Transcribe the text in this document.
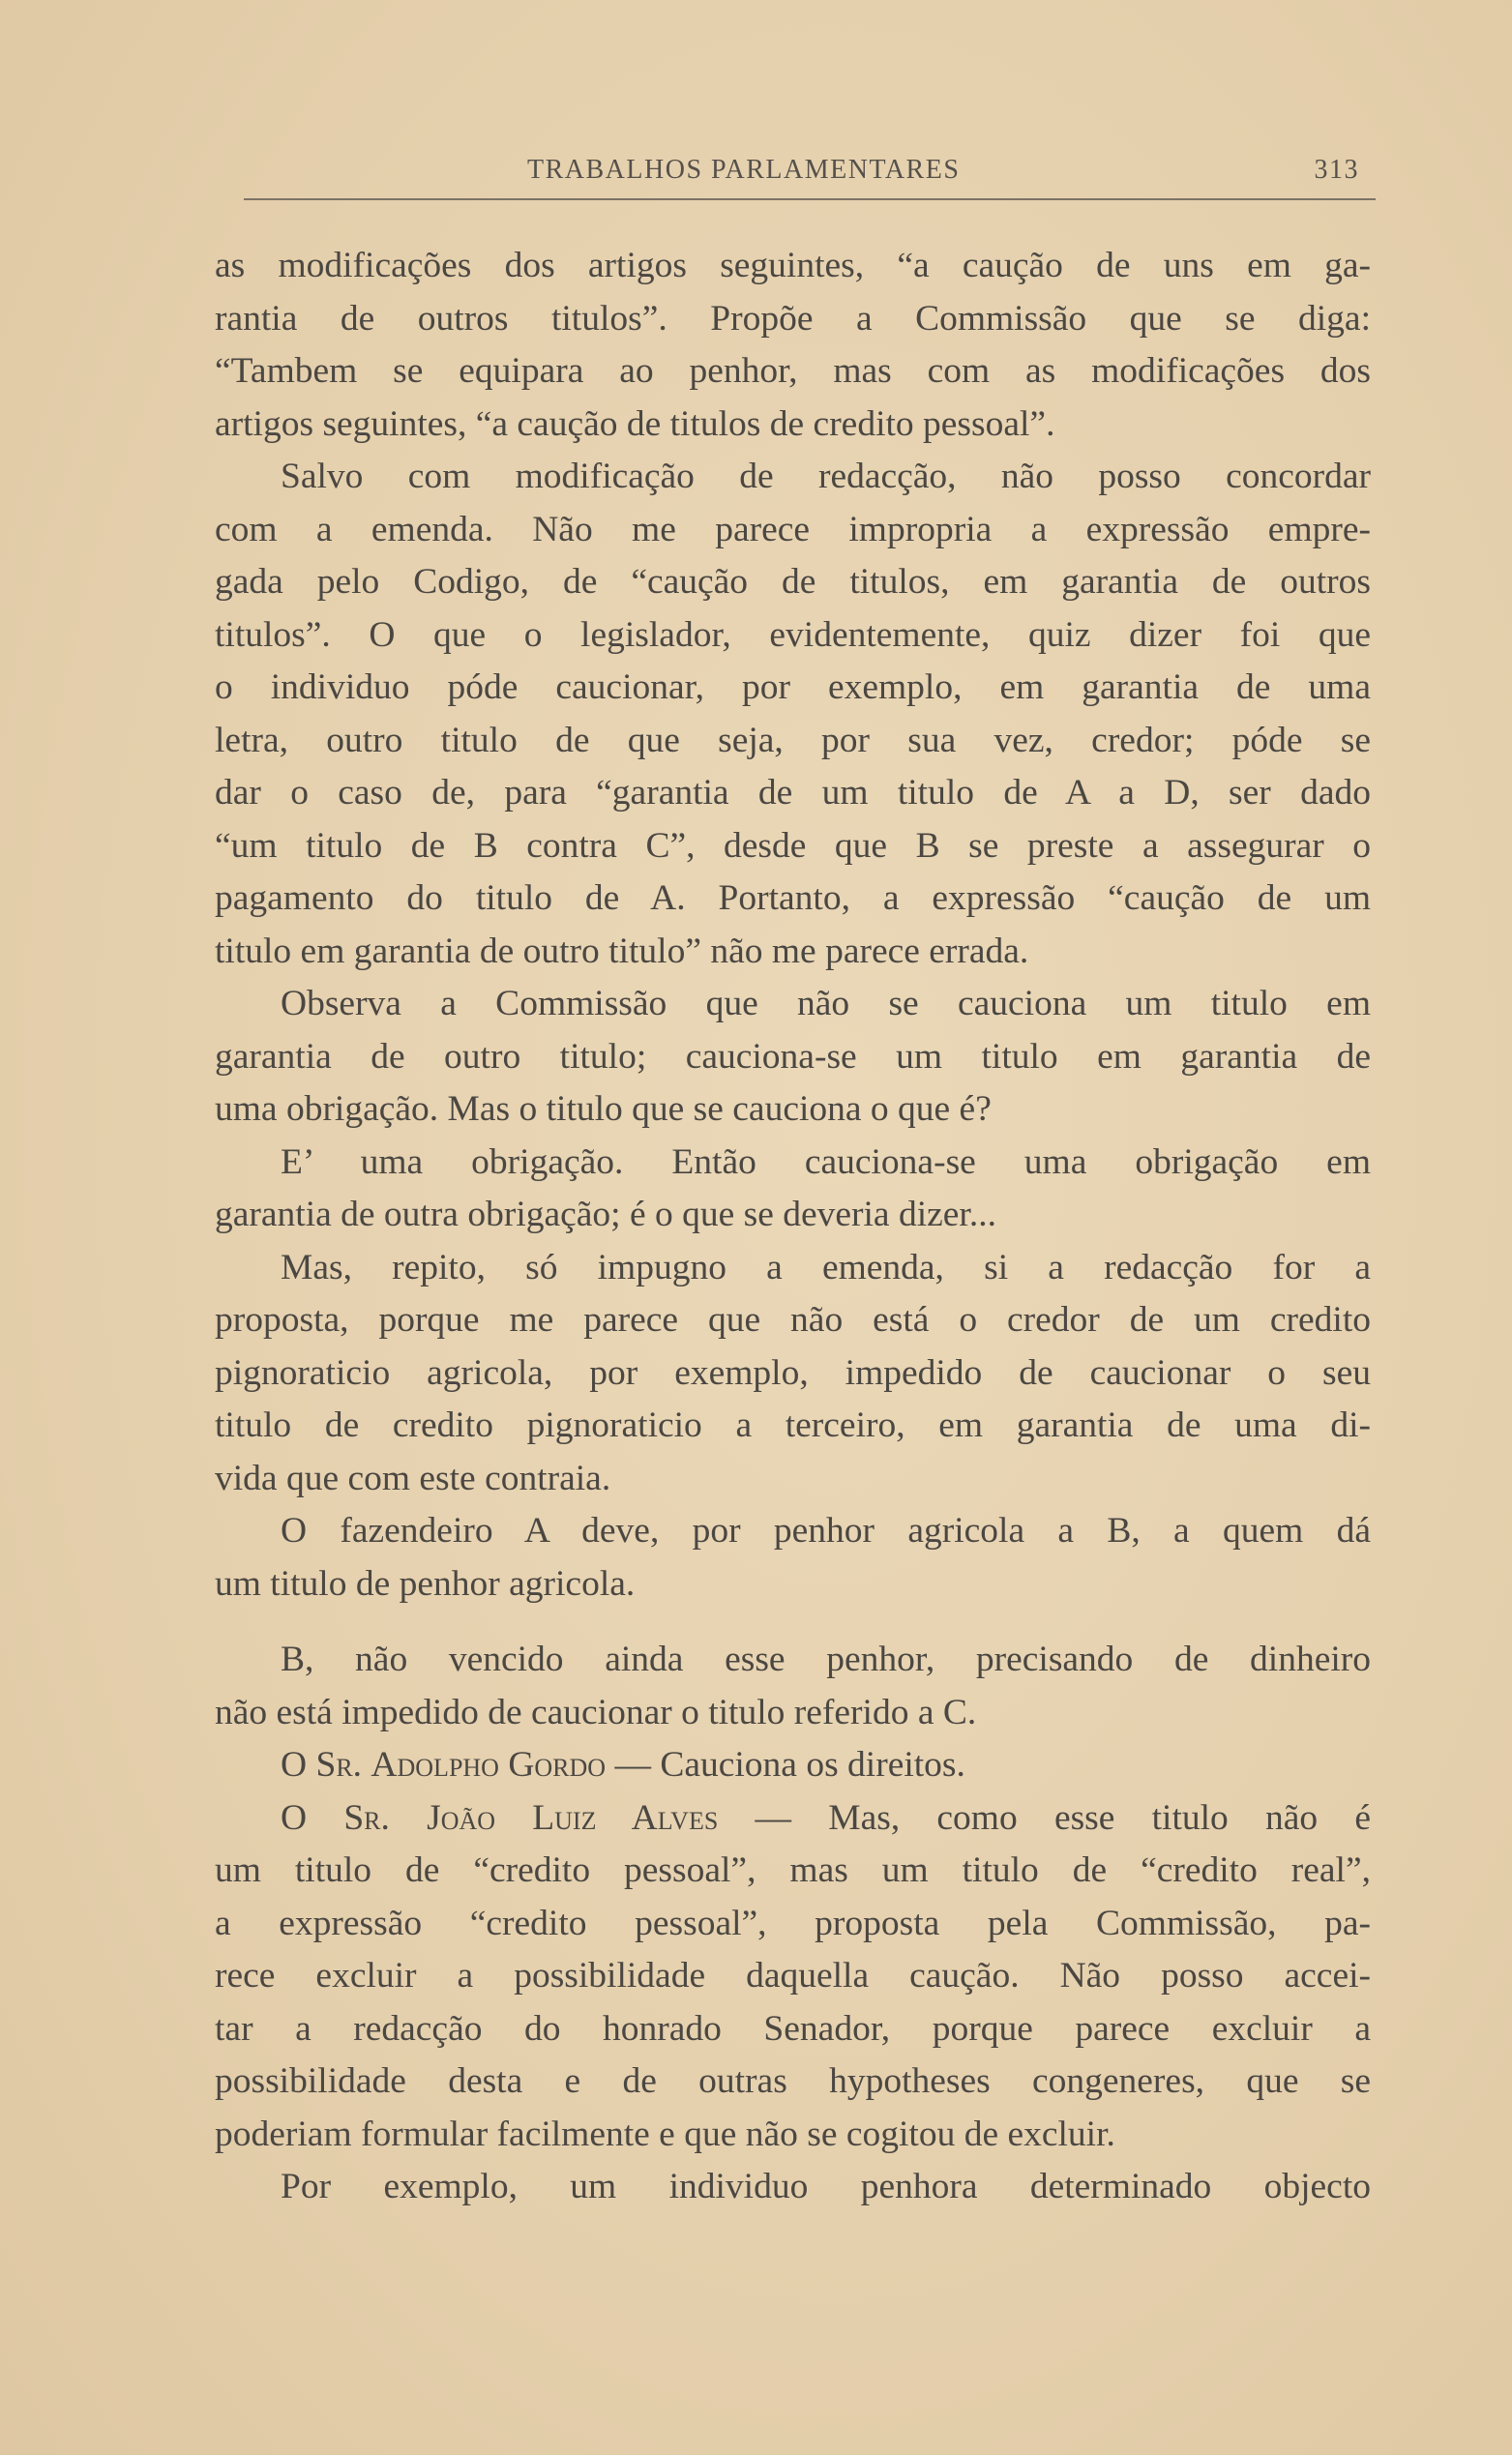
TRABALHOS PARLAMENTARES	313
as modificações dos artigos seguintes, “a caução de uns em ga-
rantia de outros titulos”. Propõe a Commissão que se diga:
“Tambem se equipara ao penhor, mas com as modificações dos
artigos seguintes, “a caução de titulos de credito pessoal”.
Salvo com modificação de redacção, não posso concordar
com a emenda. Não me parece impropria a expressão empre-
gada pelo Codigo, de “caução de titulos, em garantia de outros
titulos”. O que o legislador, evidentemente, quiz dizer foi que
o individuo póde caucionar, por exemplo, em garantia de uma
letra, outro titulo de que seja, por sua vez, credor; póde se
dar o caso de, para “garantia de um titulo de A a D, ser dado
“um titulo de B contra C”, desde que B se preste a assegurar o
pagamento do titulo de A. Portanto, a expressão “caução de um
titulo em garantia de outro titulo” não me parece errada.
Observa a Commissão que não se cauciona um titulo em
garantia de outro titulo; cauciona-se um titulo em garantia de
uma obrigação. Mas o titulo que se cauciona o que é?
E’ uma obrigação. Então cauciona-se uma obrigação em
garantia de outra obrigação; é o que se deveria dizer...
Mas, repito, só impugno a emenda, si a redacção for a
proposta, porque me parece que não está o credor de um credito
pignoraticio agricola, por exemplo, impedido de caucionar o seu
titulo de credito pignoraticio a terceiro, em garantia de uma di-
vida que com este contraia.
O fazendeiro A deve, por penhor agricola a B, a quem dá
um titulo de penhor agricola.
B, não vencido ainda esse penhor, precisando de dinheiro
não está impedido de caucionar o titulo referido a C.
O Sr. Adolpho Gordo — Cauciona os direitos.
O Sr. João Luiz Alves — Mas, como esse titulo não é
um titulo de “credito pessoal”, mas um titulo de “credito real”,
a expressão “credito pessoal”, proposta pela Commissão, pa-
rece excluir a possibilidade daquella caução. Não posso accei-
tar a redacção do honrado Senador, porque parece excluir a
possibilidade desta e de outras hypotheses congeneres, que se
poderiam formular facilmente e que não se cogitou de excluir.
Por exemplo, um individuo penhora determinado objecto
